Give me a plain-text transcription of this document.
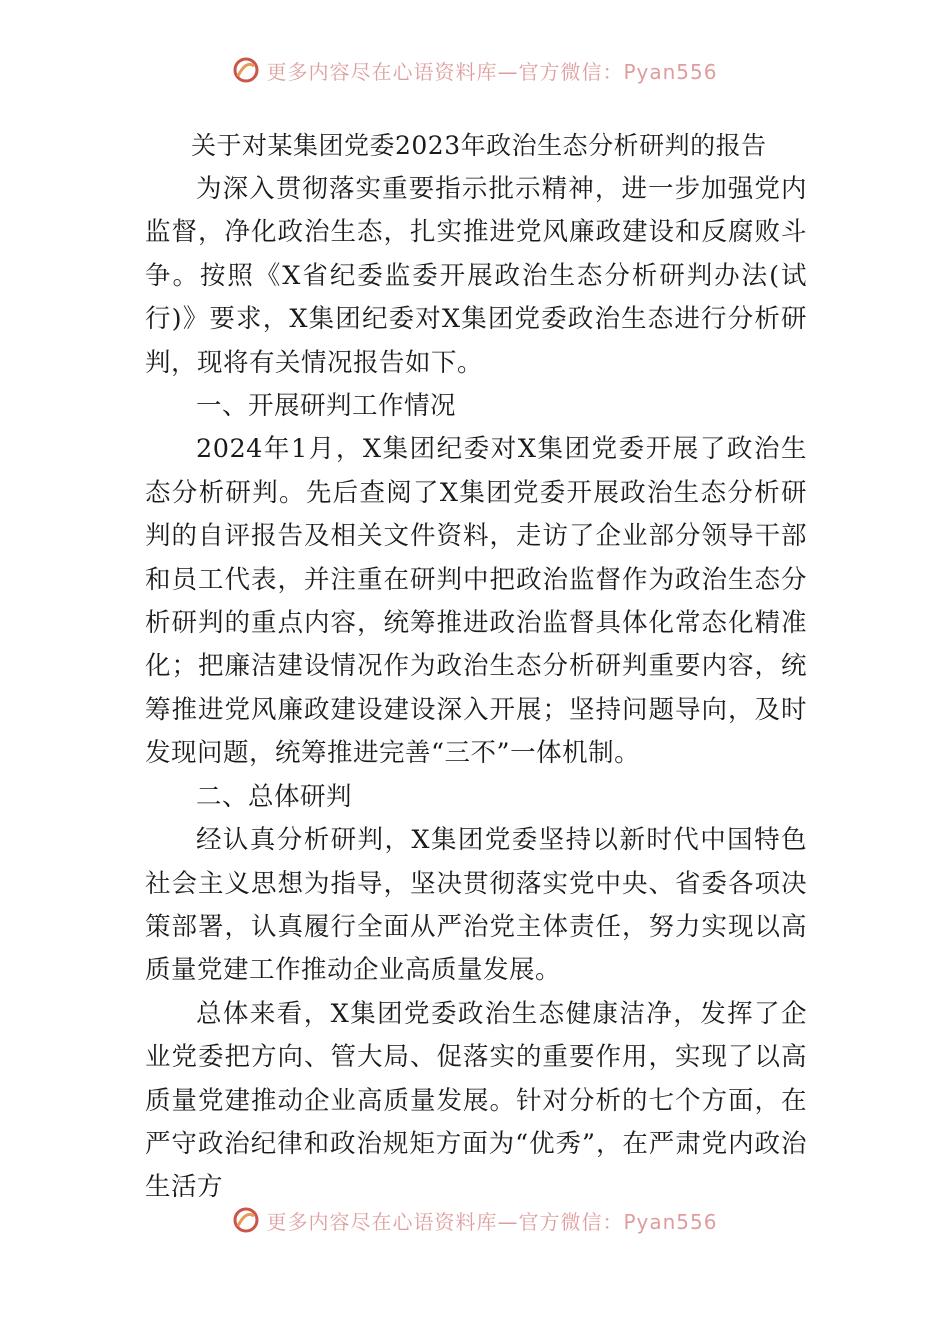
更多内容尽在心语资料库—官方微信：Pyan556
关于对某集团党委2023年政治生态分析研判的报告

为深入贯彻落实重要指示批示精神，进一步加强党内监督，净化政治生态，扎实推进党风廉政建设和反腐败斗争。按照《X省纪委监委开展政治生态分析研判办法(试行)》要求，X集团纪委对X集团党委政治生态进行分析研判，现将有关情况报告如下。

一、开展研判工作情况

2024年1月，X集团纪委对X集团党委开展了政治生态分析研判。先后查阅了X集团党委开展政治生态分析研判的自评报告及相关文件资料，走访了企业部分领导干部和员工代表，并注重在研判中把政治监督作为政治生态分析研判的重点内容，统筹推进政治监督具体化常态化精准化；把廉洁建设情况作为政治生态分析研判重要内容，统筹推进党风廉政建设建设深入开展；坚持问题导向，及时发现问题，统筹推进完善“三不”一体机制。

二、总体研判

经认真分析研判，X集团党委坚持以新时代中国特色社会主义思想为指导，坚决贯彻落实党中央、省委各项决策部署，认真履行全面从严治党主体责任，努力实现以高质量党建工作推动企业高质量发展。

总体来看，X集团党委政治生态健康洁净，发挥了企业党委把方向、管大局、促落实的重要作用，实现了以高质量党建推动企业高质量发展。针对分析的七个方面，在严守政治纪律和政治规矩方面为“优秀”，在严肃党内政治生活方

更多内容尽在心语资料库—官方微信：Pyan556
